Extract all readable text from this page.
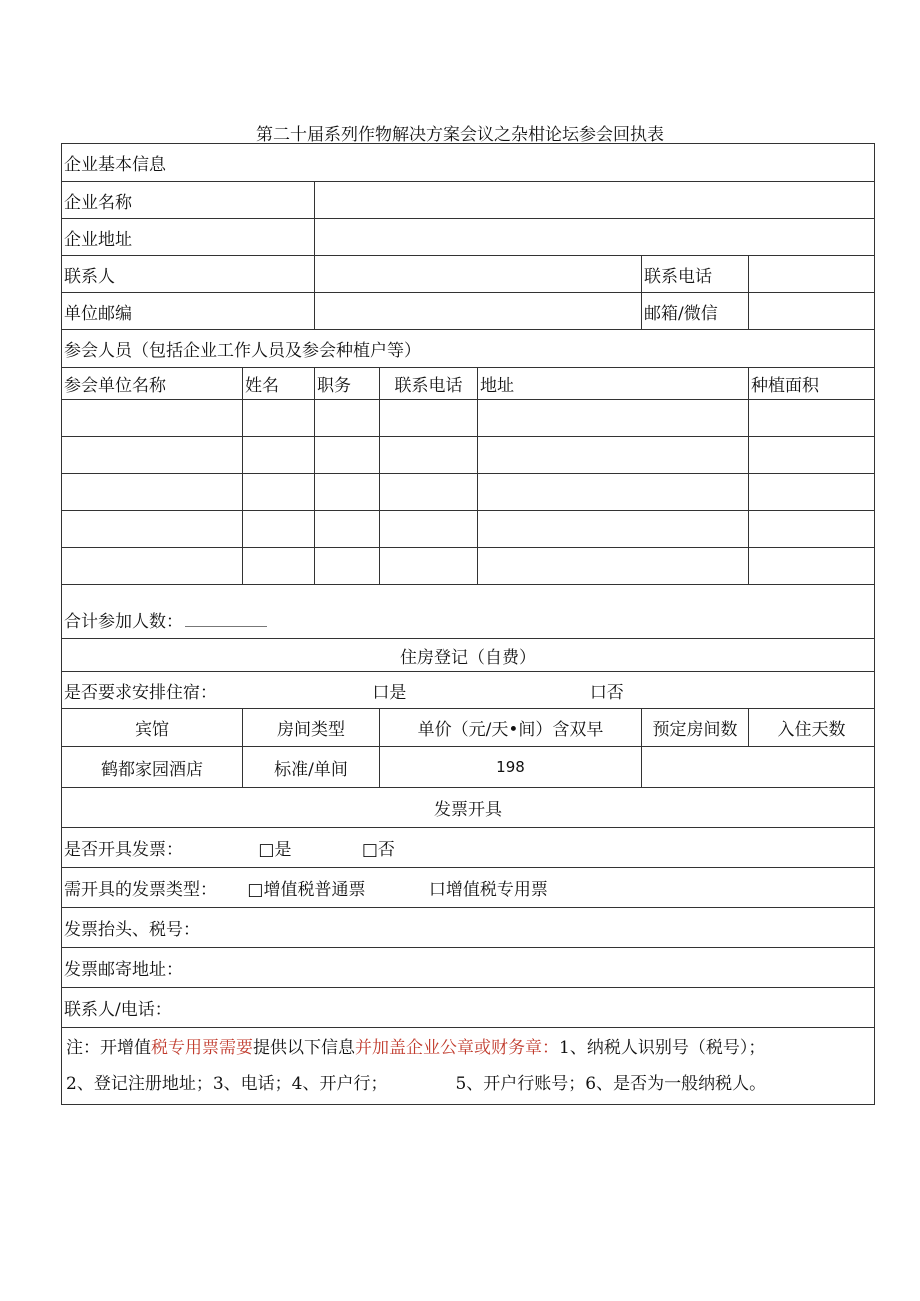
第二十届系列作物解决方案会议之杂柑论坛参会回执表
企业基本信息						
企业名称						
企业地址						
联系人					联系电话	
单位邮编					邮箱/微信	
参会人员（包括企业工作人员及参会种植户等）						
参会单位名称	姓名	职务	联系电话	地址		种植面积

合计参加人数：						
住房登记（自费）						
是否要求安排住宿： 口是 口否						
宾馆	房间类型		单价（元/天•间）含双早		预定房间数	入住天数
鹤都家园酒店	标准/单间		198			
发票开具						
是否开具发票： □是 □否						
需开具的发票类型： □增值税普通票 口增值税专用票						
发票抬头、税号：						
发票邮寄地址：						
联系人/电话：						

注：开增值税专用票需要提供以下信息并加盖企业公章或财务章：1、纳税人识别号（税号）；
2、登记注册地址；3、电话；4、开户行； 5、开户行账号；6、是否为一般纳税人。						
